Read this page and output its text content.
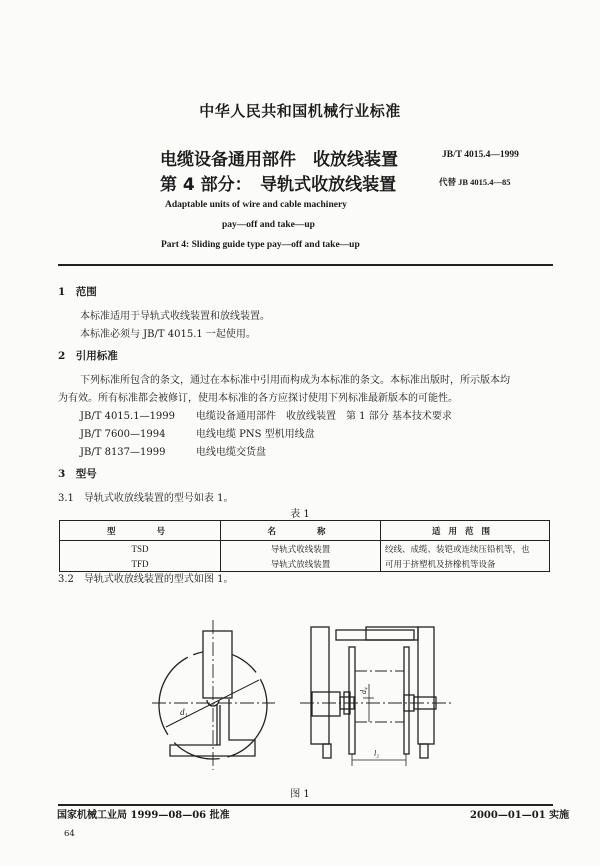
中华人民共和国机械行业标准
电缆设备通用部件　收放线装置
第 4 部分：　导轨式收放线装置
JB/T 4015.4—1999
代替 JB 4015.4—85
Adaptable units of wire and cable machinery
pay—off and take—up
Part 4: Sliding guide type pay—off and take—up
1　范围
本标准适用于导轨式收线装置和放线装置。
本标准必须与 JB/T 4015.1 一起使用。
2　引用标准
下列标准所包含的条文，通过在本标准中引用而构成为本标准的条文。本标准出版时，所示版本均
为有效。所有标准都会被修订，使用本标准的各方应探讨使用下列标准最新版本的可能性。
JB/T 4015.1—1999 电缆设备通用部件　收放线装置　第 1 部分 基本技术要求
JB/T 7600—1994	电线电缆 PNS 型机用线盘
JB/T 8137—1999	电线电缆交货盘
3　型号
3.1　导轨式收放线装置的型号如表 1。
表 1
型　　号	名　　称	适用范围
TSD	导轨式收线装置	绞线、成缆、装铠或连续压铅机等，也
TFD	导轨式放线装置	可用于挤塑机及挤橡机等设备
3.2　导轨式收放线装置的型式如图 1。
d₁
d₄
l₂
图 1
国家机械工业局 1999—08—06 批准	2000—01—01 实施
64
